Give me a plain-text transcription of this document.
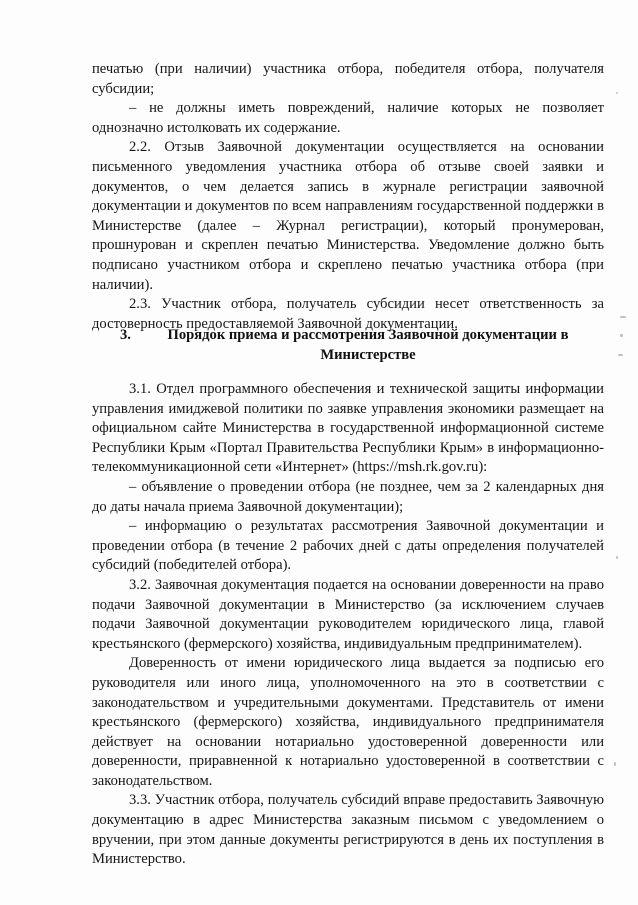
печатью (при наличии) участника отбора, победителя отбора, получателя субсидии;

– не должны иметь повреждений, наличие которых не позволяет однозначно истолковать их содержание.

2.2. Отзыв Заявочной документации осуществляется на основании письменного уведомления участника отбора об отзыве своей заявки и документов, о чем делается запись в журнале регистрации заявочной документации и документов по всем направлениям государственной поддержки в Министерстве (далее – Журнал регистрации), который пронумерован, прошнурован и скреплен печатью Министерства. Уведомление должно быть подписано участником отбора и скреплено печатью участника отбора (при наличии).

2.3. Участник отбора, получатель субсидии несет ответственность за достоверность предоставляемой Заявочной документации.

3.	Порядок приема и рассмотрения Заявочной документации в Министерстве

3.1. Отдел программного обеспечения и технической защиты информации управления имиджевой политики по заявке управления экономики размещает на официальном сайте Министерства в государственной информационной системе Республики Крым «Портал Правительства Республики Крым» в информационно- телекоммуникационной сети «Интернет» (https://msh.rk.gov.ru):

– объявление о проведении отбора (не позднее, чем за 2 календарных дня до даты начала приема Заявочной документации);

– информацию о результатах рассмотрения Заявочной документации и проведении отбора (в течение 2 рабочих дней с даты определения получателей субсидий (победителей отбора).

3.2. Заявочная документация подается на основании доверенности на право подачи Заявочной документации в Министерство (за исключением случаев подачи Заявочной документации руководителем юридического лица, главой крестьянского (фермерского) хозяйства, индивидуальным предпринимателем).

Доверенность от имени юридического лица выдается за подписью его руководителя или иного лица, уполномоченного на это в соответствии с законодательством и учредительными документами. Представитель от имени крестьянского (фермерского) хозяйства, индивидуального предпринимателя действует на основании нотариально удостоверенной доверенности или доверенности, приравненной к нотариально удостоверенной в соответствии с законодательством.

3.3. Участник отбора, получатель субсидий вправе предоставить Заявочную документацию в адрес Министерства заказным письмом с уведомлением о вручении, при этом данные документы регистрируются в день их поступления в Министерство.
